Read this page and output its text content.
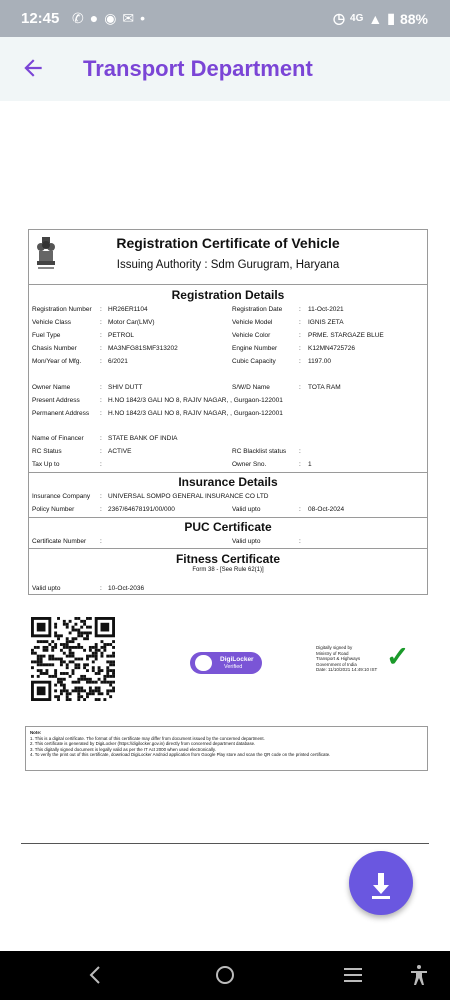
12:45 ✆ ● ◉ ✉ •	◷ 4G ▲ ▮ 88%
Transport Department
Registration Certificate of Vehicle
Issuing Authority : Sdm Gurugram, Haryana
Registration Details
Registration Number : HR26ER1104	Registration Date	: 11-Oct-2021
Vehicle Class	: Motor Car(LMV)	Vehicle Model	: IGNIS ZETA
Fuel Type	: PETROL	Vehicle Color	: PRME. STARGAZE BLUE
Chasis Number	: MA3NFG81SMF313202	Engine Number	: K12MN4725726
Mon/Year of Mfg.	: 6/2021	Cubic Capacity	: 1197.00
Owner Name	: SHIV DUTT	S/W/D Name	: TOTA RAM
Present Address	: H.NO 1842/3 GALI NO 8, RAJIV NAGAR, , Gurgaon-122001
Permanent Address : H.NO 1842/3 GALI NO 8, RAJIV NAGAR, , Gurgaon-122001
Name of Financer	: STATE BANK OF INDIA
RC Status	: ACTIVE	RC Blacklist status :
Tax Up to	:	Owner Sno.	: 1
Insurance Details
Insurance Company : UNIVERSAL SOMPO GENERAL INSURANCE CO LTD
Policy Number	: 2367/64678191/00/000	Valid upto	: 08-Oct-2024
PUC Certificate
Certificate Number :	Valid upto	:
Fitness Certificate
Form 38 - [See Rule 62(1)]
Valid upto	: 10-Oct-2036
DigiLocker
Verified
Digitally signed by
Ministry of Road
Transport & Highways
Government of India
Date: 11/10/2021 14:49:10 IST ✓
Note:
1. This is a digital certificate. The format of this certificate may differ from document issued by the concerned department.
2. This certificate is generated by DigiLocker (https://digilocker.gov.in) directly from concerned department database.
3. This digitally signed document is legally valid as per the IT Act 2000 when used electronically.
4. To verify the print out of this certificate, download DigiLocker Android application from Google Play store and scan the QR code on the printed certificate.
